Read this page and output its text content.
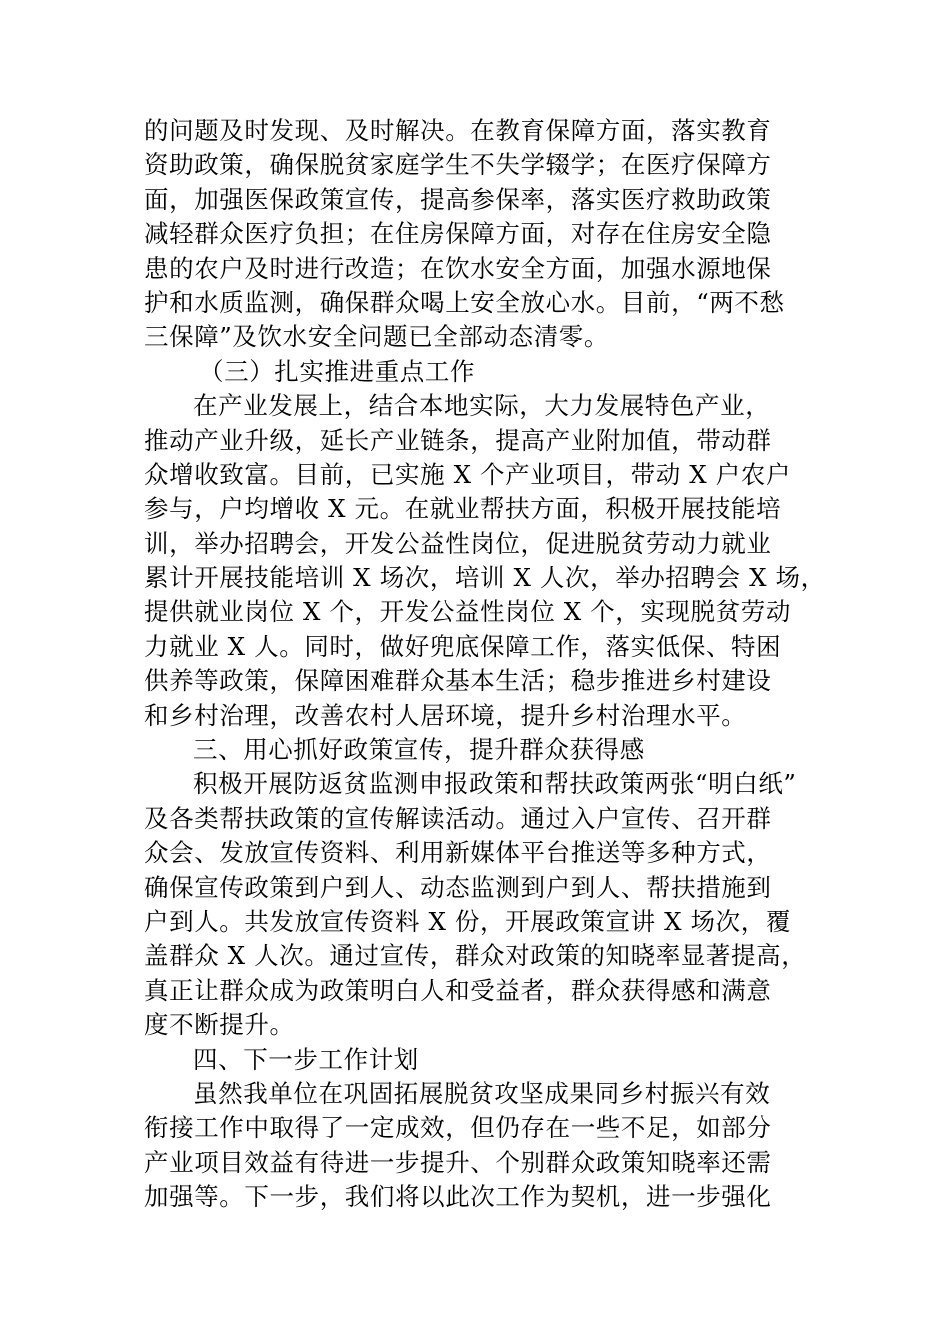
的问题及时发现、及时解决。在教育保障方面，落实教育
资助政策，确保脱贫家庭学生不失学辍学；在医疗保障方
面，加强医保政策宣传，提高参保率，落实医疗救助政策
减轻群众医疗负担；在住房保障方面，对存在住房安全隐
患的农户及时进行改造；在饮水安全方面，加强水源地保
护和水质监测，确保群众喝上安全放心水。目前，“两不愁
三保障”及饮水安全问题已全部动态清零。
（三）扎实推进重点工作
在产业发展上，结合本地实际，大力发展特色产业，
推动产业升级，延长产业链条，提高产业附加值，带动群
众增收致富。目前，已实施 X 个产业项目，带动 X 户农户
参与，户均增收 X 元。在就业帮扶方面，积极开展技能培
训，举办招聘会，开发公益性岗位，促进脱贫劳动力就业
累计开展技能培训 X 场次，培训 X 人次，举办招聘会 X 场，
提供就业岗位 X 个，开发公益性岗位 X 个，实现脱贫劳动
力就业 X 人。同时，做好兜底保障工作，落实低保、特困
供养等政策，保障困难群众基本生活；稳步推进乡村建设
和乡村治理，改善农村人居环境，提升乡村治理水平。
三、用心抓好政策宣传，提升群众获得感
积极开展防返贫监测申报政策和帮扶政策两张“明白纸”
及各类帮扶政策的宣传解读活动。通过入户宣传、召开群
众会、发放宣传资料、利用新媒体平台推送等多种方式，
确保宣传政策到户到人、动态监测到户到人、帮扶措施到
户到人。共发放宣传资料 X 份，开展政策宣讲 X 场次，覆
盖群众 X 人次。通过宣传，群众对政策的知晓率显著提高，
真正让群众成为政策明白人和受益者，群众获得感和满意
度不断提升。
四、下一步工作计划
虽然我单位在巩固拓展脱贫攻坚成果同乡村振兴有效
衔接工作中取得了一定成效，但仍存在一些不足，如部分
产业项目效益有待进一步提升、个别群众政策知晓率还需
加强等。下一步，我们将以此次工作为契机，进一步强化
